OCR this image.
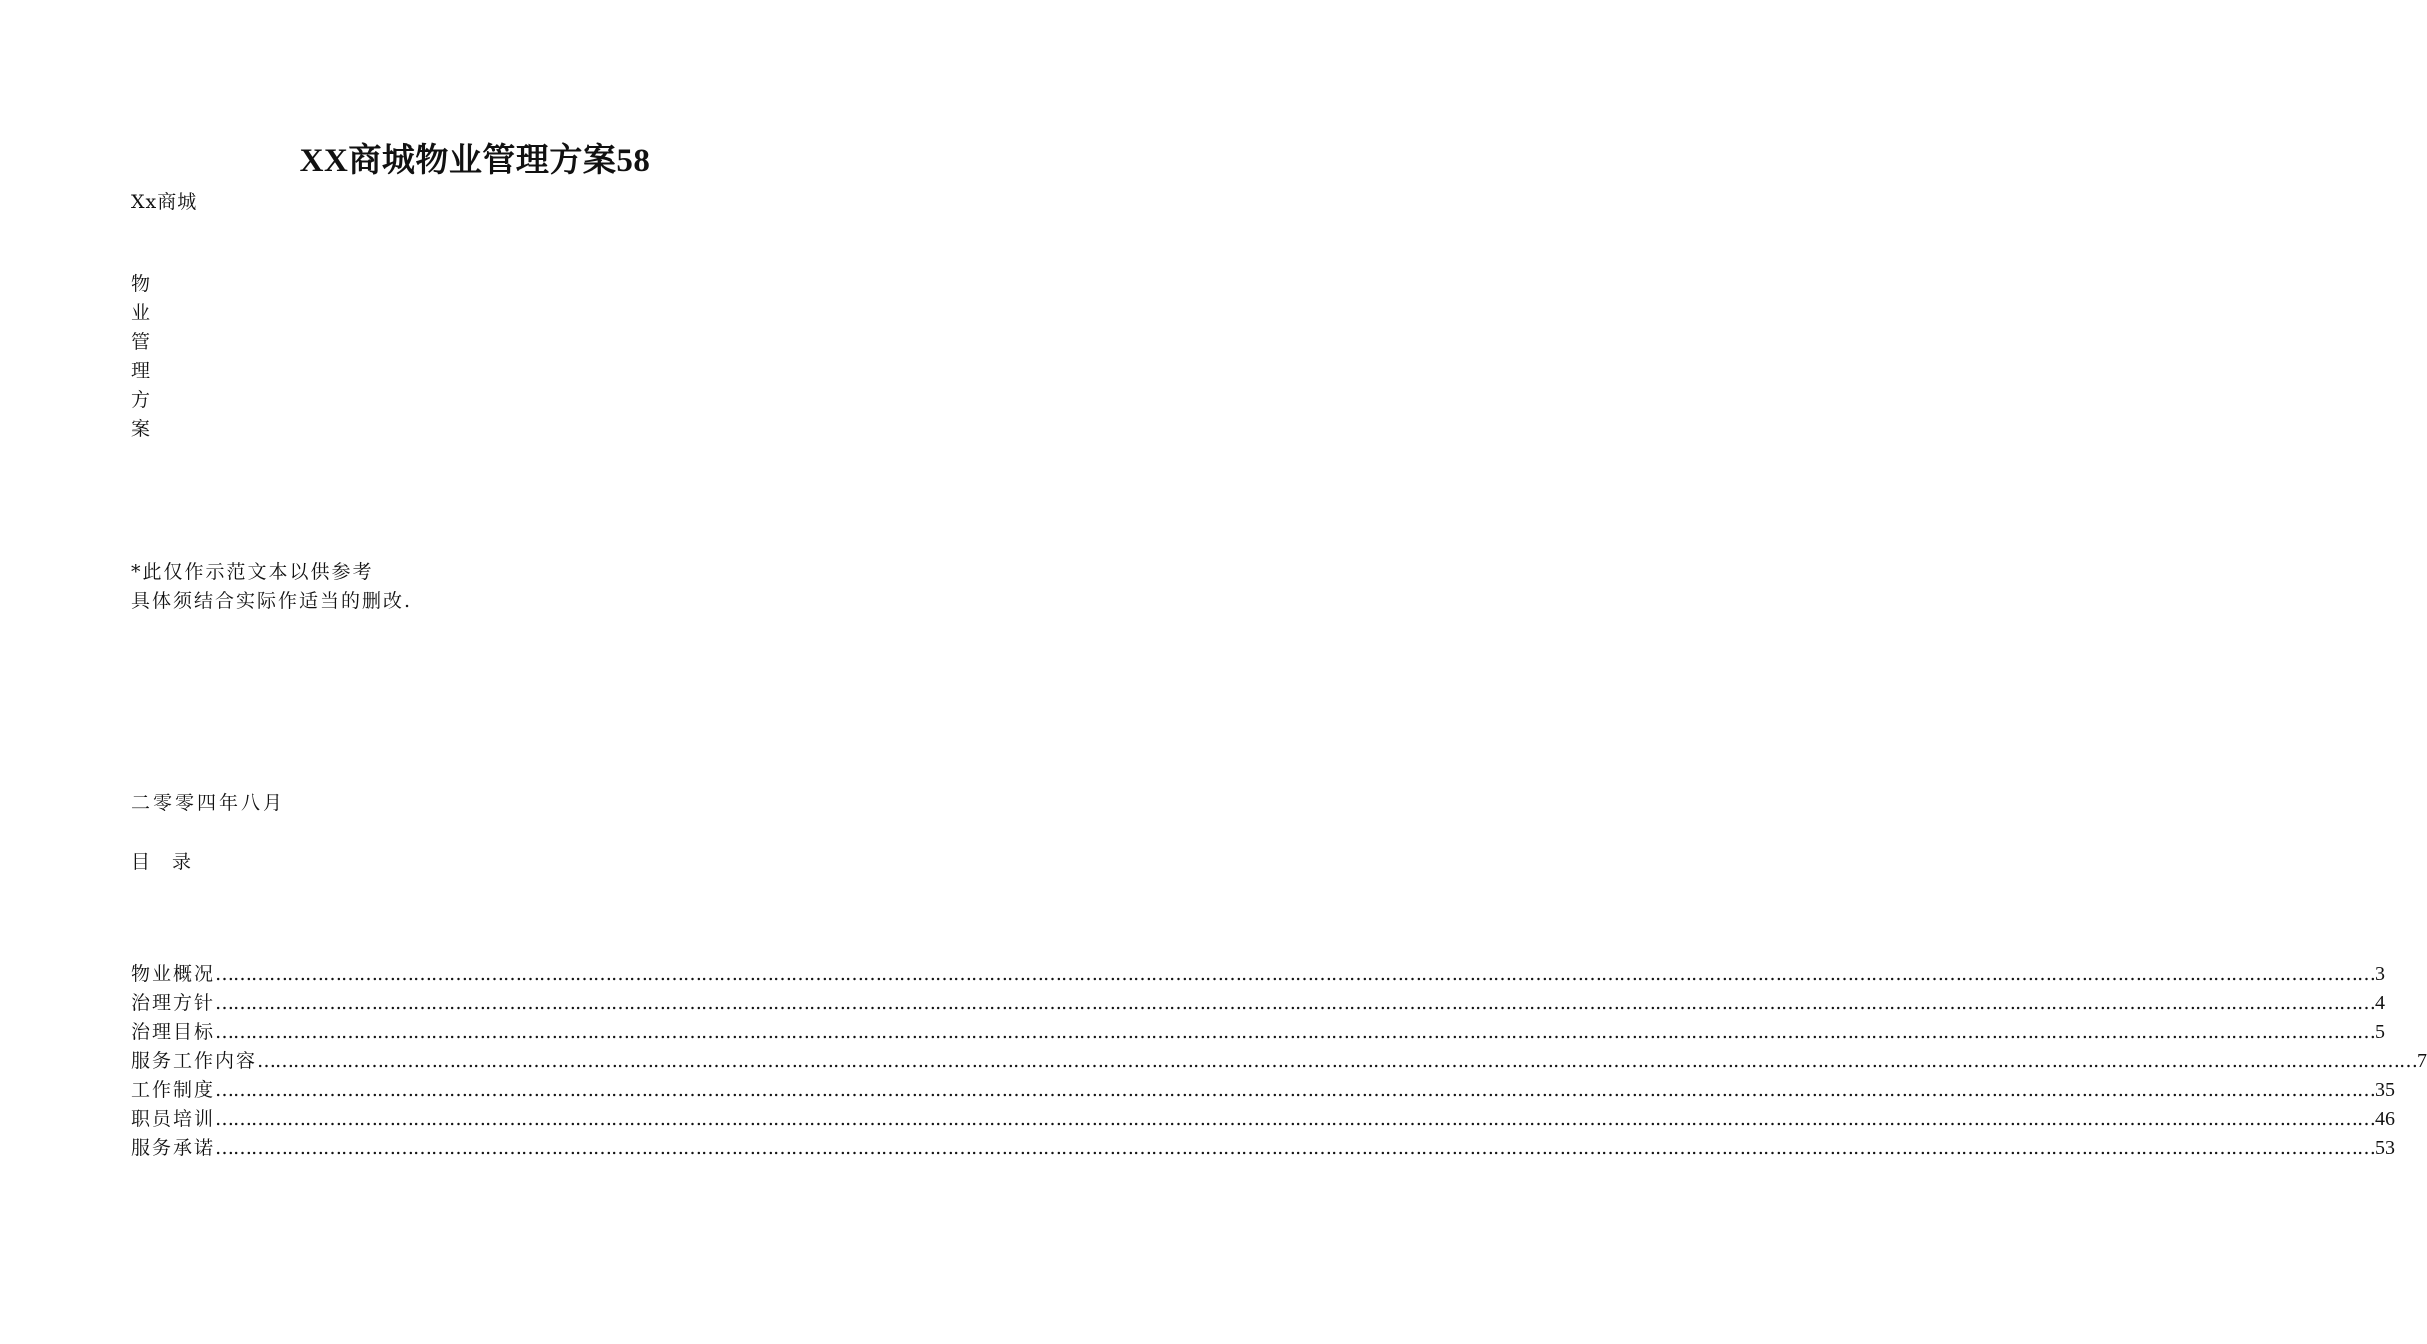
XX商城物业管理方案58
Xx商城
物
业
管
理
方
案
*此仅作示范文本以供参考
具体须结合实际作适当的删改.
二零零四年八月
目 录
物业概况 ……………………………………………………………………………………………………………………………………………………………………………………………………………………………………………………………………………………………………………………………… 3
治理方针 ……………………………………………………………………………………………………………………………………………………………………………………………………………………………………………………………………………………………………………………………… 4
治理目标 ……………………………………………………………………………………………………………………………………………………………………………………………………………………………………………………………………………………………………………………………… 5
服务工作内容 ……………………………………………………………………………………………………………………………………………………………………………………………………………………………………………………………………………………………………………………………… 7
工作制度 ……………………………………………………………………………………………………………………………………………………………………………………………………………………………………………………………………………………………………………………………… 35
职员培训 ……………………………………………………………………………………………………………………………………………………………………………………………………………………………………………………………………………………………………………………………… 46
服务承诺 ……………………………………………………………………………………………………………………………………………………………………………………………………………………………………………………………………………………………………………………………… 53
